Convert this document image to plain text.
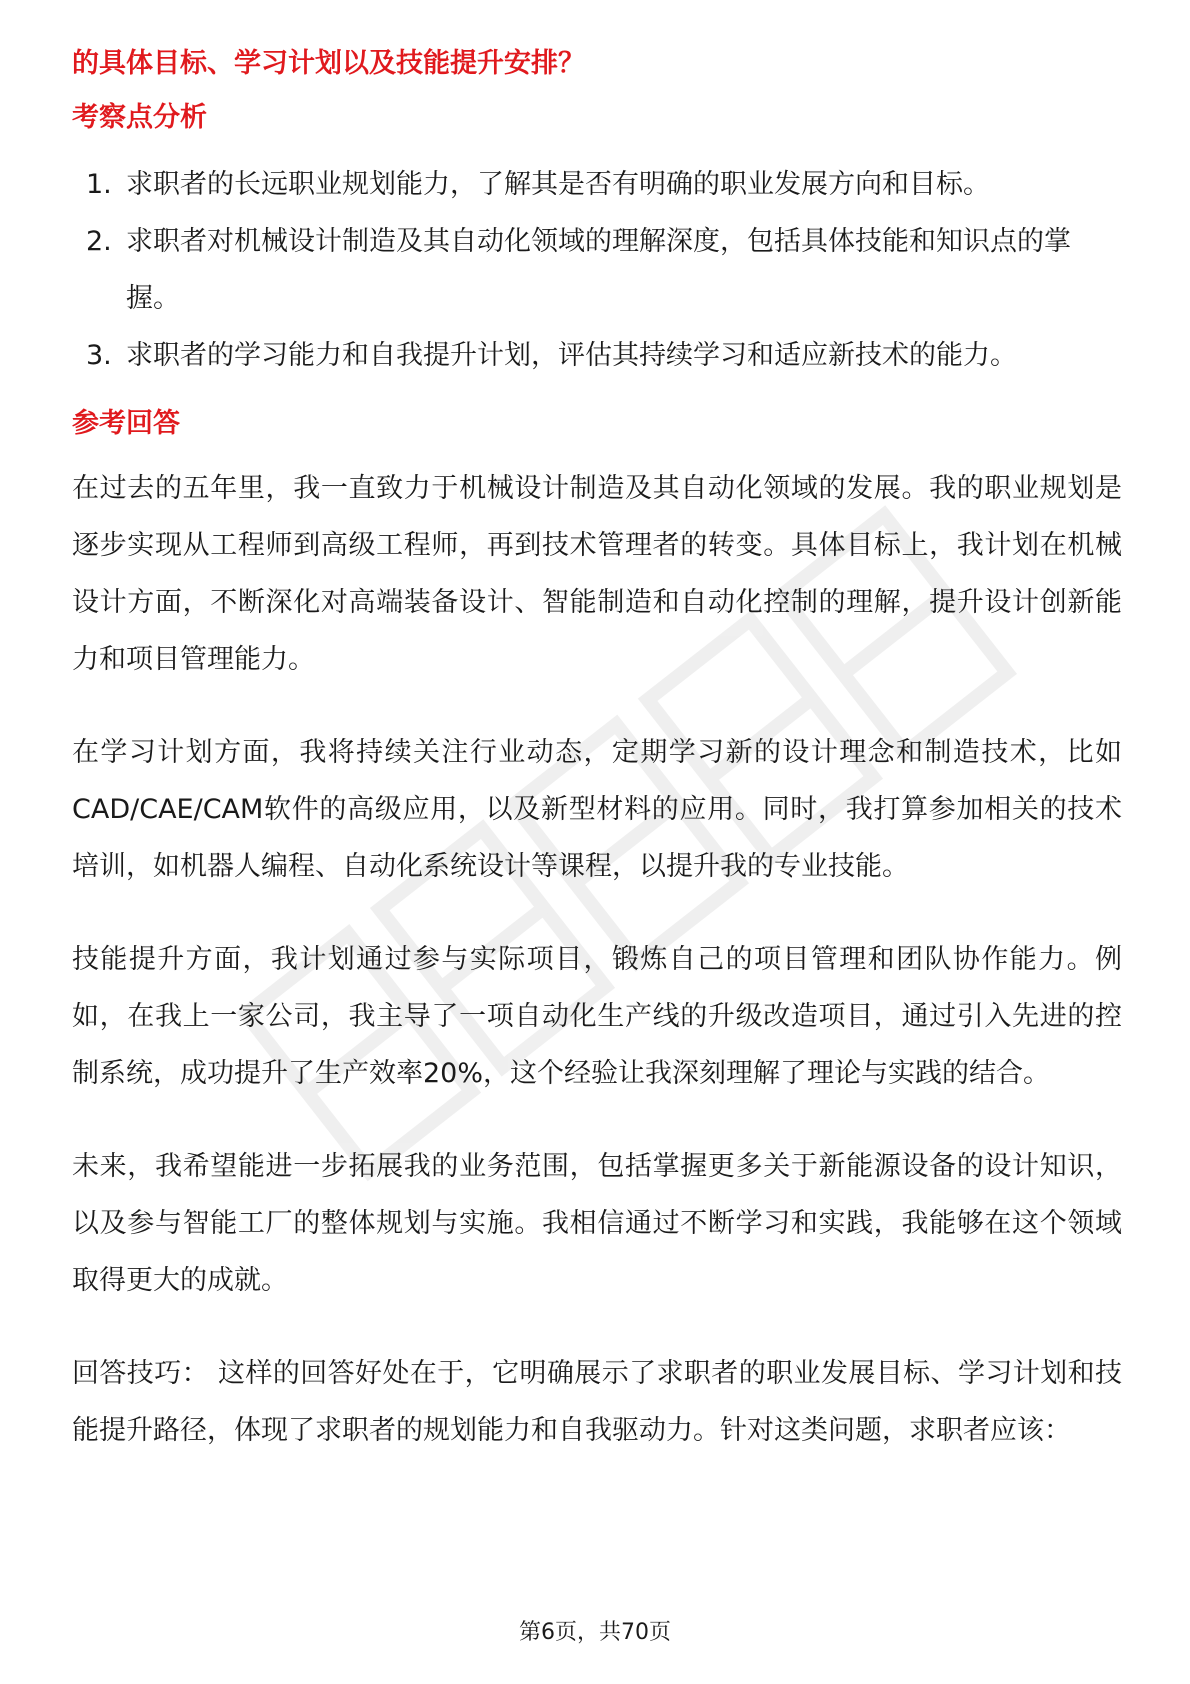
的具体目标、学习计划以及技能提升安排？

考察点分析

1. 求职者的长远职业规划能力，了解其是否有明确的职业发展方向和目标。
2. 求职者对机械设计制造及其自动化领域的理解深度，包括具体技能和知识点的掌握。
3. 求职者的学习能力和自我提升计划，评估其持续学习和适应新技术的能力。

参考回答

在过去的五年里，我一直致力于机械设计制造及其自动化领域的发展。我的职业规划是逐步实现从工程师到高级工程师，再到技术管理者的转变。具体目标上，我计划在机械设计方面，不断深化对高端装备设计、智能制造和自动化控制的理解，提升设计创新能力和项目管理能力。

在学习计划方面，我将持续关注行业动态，定期学习新的设计理念和制造技术，比如CAD/CAE/CAM软件的高级应用，以及新型材料的应用。同时，我打算参加相关的技术培训，如机器人编程、自动化系统设计等课程，以提升我的专业技能。

技能提升方面，我计划通过参与实际项目，锻炼自己的项目管理和团队协作能力。例如，在我上一家公司，我主导了一项自动化生产线的升级改造项目，通过引入先进的控制系统，成功提升了生产效率20%，这个经验让我深刻理解了理论与实践的结合。

未来，我希望能进一步拓展我的业务范围，包括掌握更多关于新能源设备的设计知识，以及参与智能工厂的整体规划与实施。我相信通过不断学习和实践，我能够在这个领域取得更大的成就。

回答技巧： 这样的回答好处在于，它明确展示了求职者的职业发展目标、学习计划和技能提升路径，体现了求职者的规划能力和自我驱动力。针对这类问题，求职者应该：

第6页，共70页
